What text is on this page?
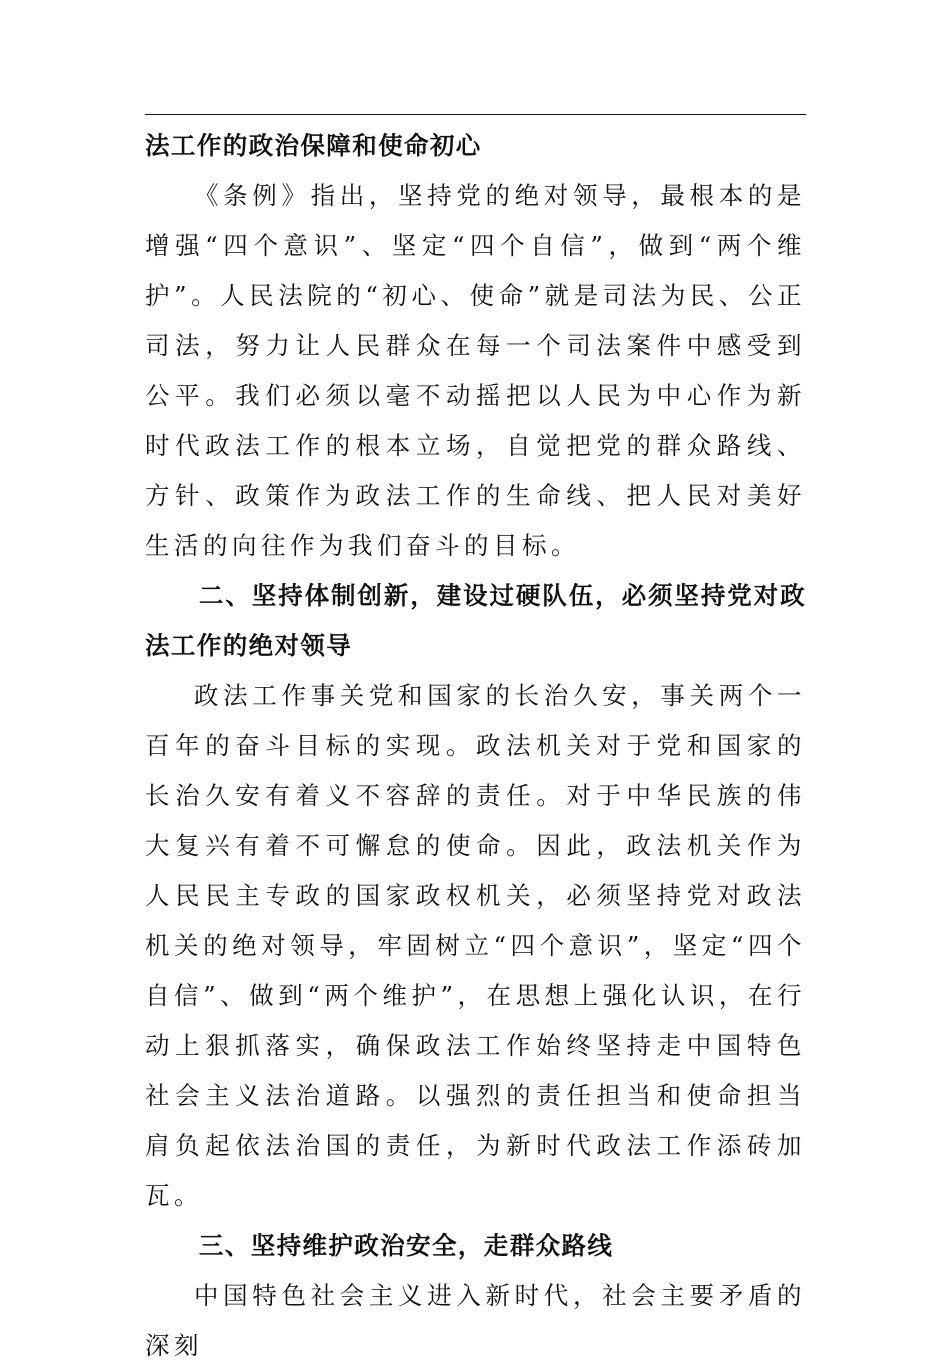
法工作的政治保障和使命初心

《条例》指出，坚持党的绝对领导，最根本的是增强“四个意识”、坚定“四个自信”，做到“两个维护”。人民法院的“初心、使命”就是司法为民、公正司法，努力让人民群众在每一个司法案件中感受到公平。我们必须以毫不动摇把以人民为中心作为新时代政法工作的根本立场，自觉把党的群众路线、方针、政策作为政法工作的生命线、把人民对美好生活的向往作为我们奋斗的目标。

二、坚持体制创新，建设过硬队伍，必须坚持党对政法工作的绝对领导

政法工作事关党和国家的长治久安，事关两个一百年的奋斗目标的实现。政法机关对于党和国家的长治久安有着义不容辞的责任。对于中华民族的伟大复兴有着不可懈怠的使命。因此，政法机关作为人民民主专政的国家政权机关，必须坚持党对政法机关的绝对领导，牢固树立“四个意识”，坚定“四个自信”、做到“两个维护”，在思想上强化认识，在行动上狠抓落实，确保政法工作始终坚持走中国特色社会主义法治道路。以强烈的责任担当和使命担当肩负起依法治国的责任，为新时代政法工作添砖加瓦。

三、坚持维护政治安全，走群众路线

中国特色社会主义进入新时代，社会主要矛盾的深刻
